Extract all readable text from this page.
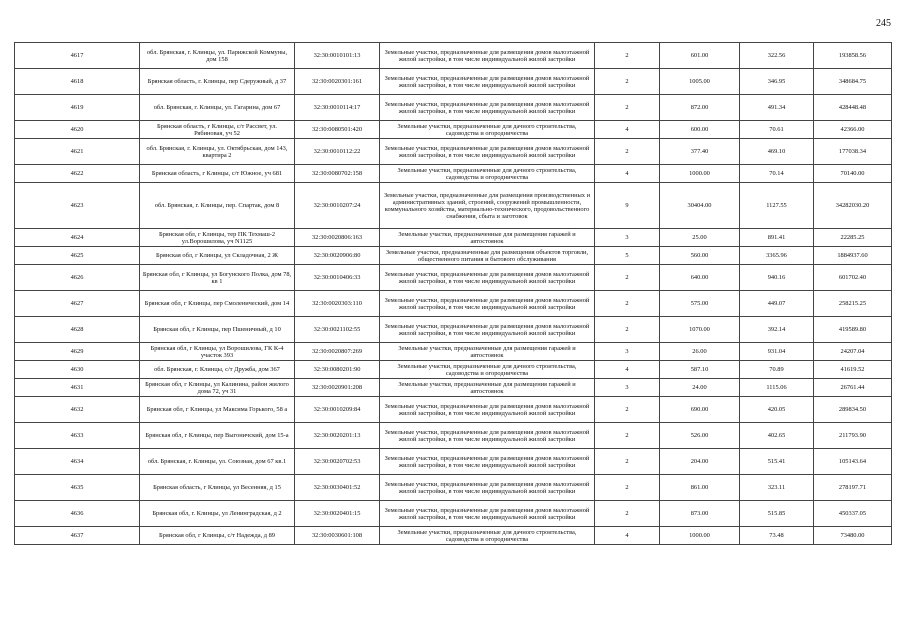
245
4617	обл. Брянская, г. Клинцы, ул. Парижской Коммуны, дом 158	32:30:0010101:13	Земельные участки, предназначенные для размещения домов малоэтажной жилой застройки, в том числе индивидуальной жилой застройки	2	601.00	322.56	193858.56
4618	Брянская область, г. Клинцы, пер Сдеружный, д 37	32:30:0020301:161	Земельные участки, предназначенные для размещения домов малоэтажной жилой застройки, в том числе индивидуальной жилой застройки	2	1005.00	346.95	348684.75
4619	обл. Брянская, г. Клинцы, ул. Гагарина, дом 67	32:30:0010114:17	Земельные участки, предназначенные для размещения домов малоэтажной жилой застройки, в том числе индивидуальной жилой застройки	2	872.00	491.34	428448.48
4620	Брянская область, г Клинцы, с/т Рассвет, ул. Рябиновая, уч 52	32:30:0080501:420	Земельные участки, предназначенные для дачного строительства, садоводства и огородничества	4	600.00	70.61	42366.00
4621	обл. Брянская, г. Клинцы, ул. Октябрьская, дом 143, квартира 2	32:30:0010112:22	Земельные участки, предназначенные для размещения домов малоэтажной жилой застройки, в том числе индивидуальной жилой застройки	2	377.40	469.10	177038.34
4622	Брянская область, г Клинцы, с/т Южное, уч 681	32:30:0080702:158	Земельные участки, предназначенные для дачного строительства, садоводства и огородничества	4	1000.00	70.14	70140.00
4623	обл. Брянская, г. Клинцы, пер. Спартак, дом 8	32:30:0010207:24	Земельные участки, предназначенные для размещения производственных и административных зданий, строений, сооружений промышленности, коммунального хозяйства, материально-технического, продовольственного снабжения, сбыта и заготовок	9	30404.00	1127.55	34282030.20
4624	Брянская обл, г Клинцы, тер ПК Техмаш-2 ул.Ворошилова, уч N1125	32:30:0020806:163	Земельные участки, предназначенные для размещения гаражей и автостоянок	3	25.00	891.41	22285.25
4625	Брянская обл, г Клинцы, ул Складочная, 2 Ж	32:30:0020906:80	Земельные участки, предназначенные для размещения объектов торговли, общественного питания и бытового обслуживания	5	560.00	3365.96	1884937.60
4626	Брянская обл, г Клинцы, ул Богунского Полка, дом 78, кв 1	32:30:0010406:33	Земельные участки, предназначенные для размещения домов малоэтажной жилой застройки, в том числе индивидуальной жилой застройки	2	640.00	940.16	601702.40
4627	Брянская обл, г Клинцы, пер Смоленический, дом 14	32:30:0020303:110	Земельные участки, предназначенные для размещения домов малоэтажной жилой застройки, в том числе индивидуальной жилой застройки	2	575.00	449.07	258215.25
4628	Брянская обл, г Клинцы, пер Пшеничный, д 10	32:30:0021102:55	Земельные участки, предназначенные для размещения домов малоэтажной жилой застройки, в том числе индивидуальной жилой застройки	2	1070.00	392.14	419589.80
4629	Брянская обл, г Клинцы, ул Ворошилова, ГК К-4 участок 393	32:30:0020807:269	Земельные участки, предназначенные для размещения гаражей и автостоянок	3	26.00	931.04	24207.04
4630	обл. Брянская, г. Клинцы, с/т Дружба, дом 367	32:30:0080201:90	Земельные участки, предназначенные для дачного строительства, садоводства и огородничества	4	587.10	70.89	41619.52
4631	Брянская обл, г Клинцы, ул Калинина, район жилого дома 72, уч 31	32:30:0020901:208	Земельные участки, предназначенные для размещения гаражей и автостоянок	3	24.00	1115.06	26761.44
4632	Брянская обл, г Клинцы, ул Максима Горького, 58 а	32:30:0010209:84	Земельные участки, предназначенные для размещения домов малоэтажной жилой застройки, в том числе индивидуальной жилой застройки	2	690.00	420.05	289834.50
4633	Брянская обл, г Клинцы, пер Выгоничский, дом 15-а	32:30:0020201:13	Земельные участки, предназначенные для размещения домов малоэтажной жилой застройки, в том числе индивидуальной жилой застройки	2	526.00	402.65	211793.90
4634	обл. Брянская, г. Клинцы, ул. Союзная, дом 67 кв.1	32:30:0020702:53	Земельные участки, предназначенные для размещения домов малоэтажной жилой застройки, в том числе индивидуальной жилой застройки	2	204.00	515.41	105143.64
4635	Брянская область, г Клинцы, ул Весенняя, д 15	32:30:0030401:52	Земельные участки, предназначенные для размещения домов малоэтажной жилой застройки, в том числе индивидуальной жилой застройки	2	861.00	323.11	278197.71
4636	Брянская обл, г. Клинцы, ул Ленинградская, д 2	32:30:0020401:15	Земельные участки, предназначенные для размещения домов малоэтажной жилой застройки, в том числе индивидуальной жилой застройки	2	873.00	515.85	450337.05
4637	Брянская обл, г Клинцы, с/т Надежда, д 89	32:30:0030601:108	Земельные участки, предназначенные для дачного строительства, садоводства и огородничества	4	1000.00	73.48	73480.00
